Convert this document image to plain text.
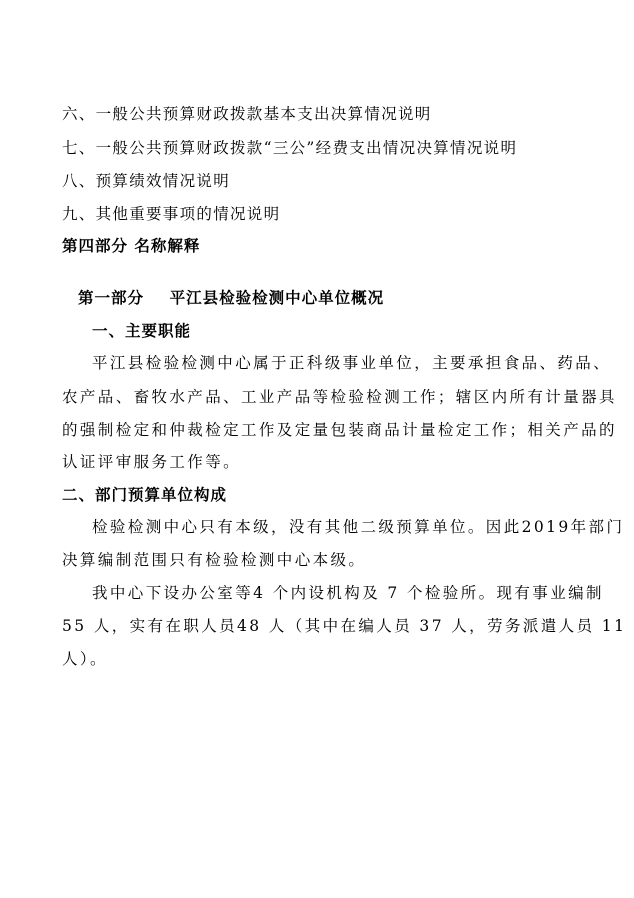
六、一般公共预算财政拨款基本支出决算情况说明
七、一般公共预算财政拨款“三公”经费支出情况决算情况说明
八、预算绩效情况说明
九、其他重要事项的情况说明
第四部分 名称解释
第一部分    平江县检验检测中心单位概况
一、主要职能
平江县检验检测中心属于正科级事业单位，主要承担食品、药品、
农产品、畜牧水产品、工业产品等检验检测工作；辖区内所有计量器具
的强制检定和仲裁检定工作及定量包装商品计量检定工作；相关产品的
认证评审服务工作等。
二、部门预算单位构成
检验检测中心只有本级，没有其他二级预算单位。因此2019年部门
决算编制范围只有检验检测中心本级。
我中心下设办公室等4 个内设机构及 7 个检验所。现有事业编制
55 人，实有在职人员48 人（其中在编人员 37 人，劳务派遣人员 11
人）。
